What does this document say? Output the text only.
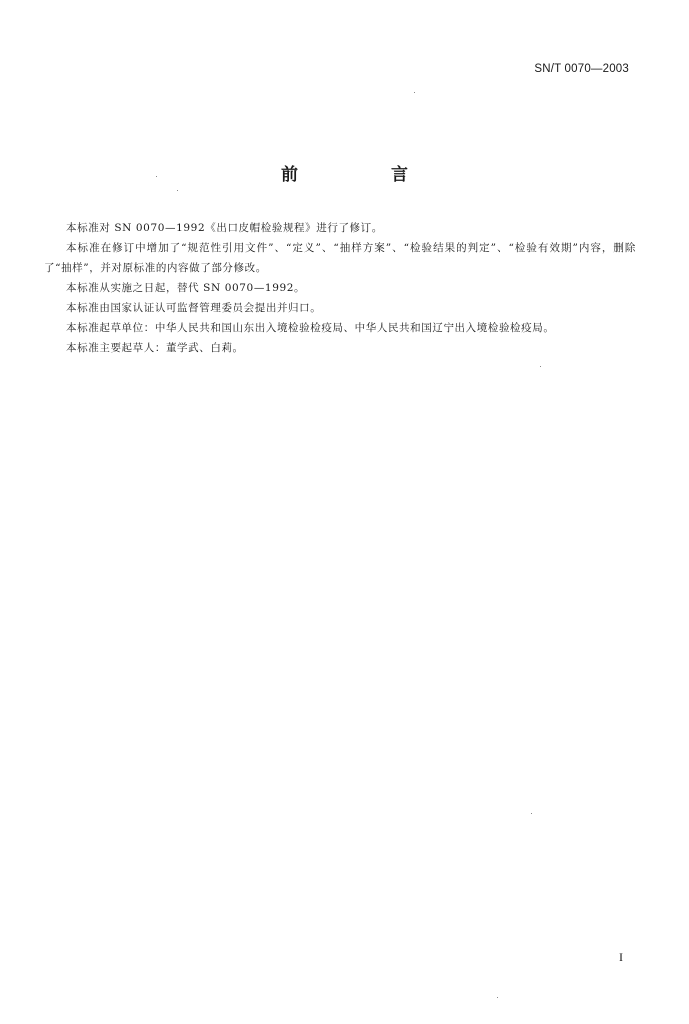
SN/T 0070—2003
前　言

本标准对 SN 0070—1992《出口皮帽检验规程》进行了修订。

本标准在修订中增加了“规范性引用文件”、“定义”、“抽样方案”、“检验结果的判定”、“检验有效期”内容，删除了“抽样”，并对原标准的内容做了部分修改。

本标准从实施之日起，替代 SN 0070—1992。

本标准由国家认证认可监督管理委员会提出并归口。

本标准起草单位：中华人民共和国山东出入境检验检疫局、中华人民共和国辽宁出入境检验检疫局。

本标准主要起草人：董学武、白莉。

I
